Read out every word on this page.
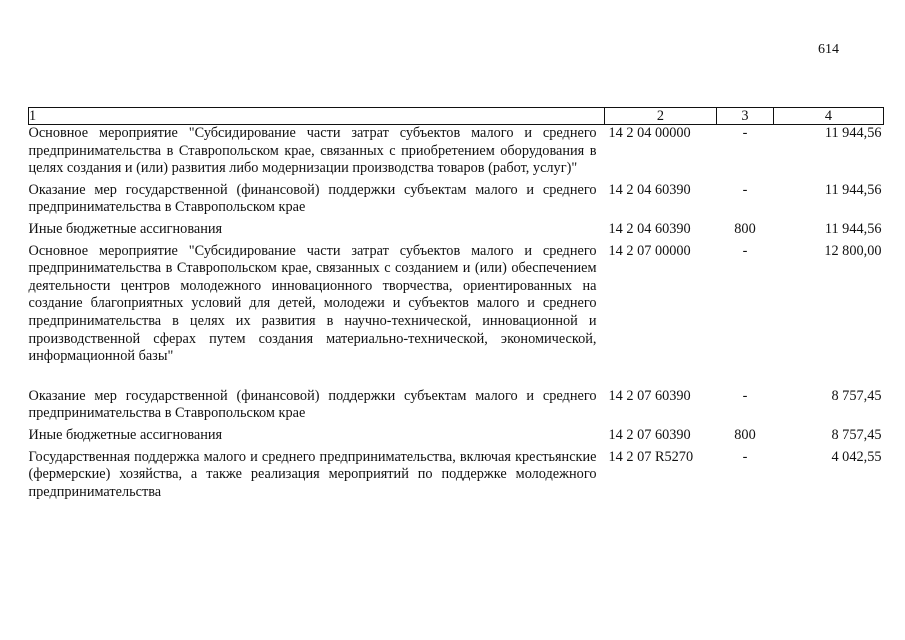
614
1	2	3	4
Основное мероприятие "Субсидирование части затрат субъектов малого и среднего предпринимательства в Ставропольском крае, связанных с приобретением оборудования в целях создания и (или) развития либо модернизации производства товаров (работ, услуг)"	14 2 04 00000	-	11 944,56
Оказание мер государственной (финансовой) поддержки субъектам малого и среднего предпринимательства в Ставропольском крае	14 2 04 60390	-	11 944,56
Иные бюджетные ассигнования	14 2 04 60390	800	11 944,56
Основное мероприятие "Субсидирование части затрат субъектов малого и среднего предпринимательства в Ставропольском крае, связанных с созданием и (или) обеспечением деятельности центров молодежного инновационного творчества, ориентированных на создание благоприятных условий для детей, молодежи и субъектов малого и среднего предпринимательства в целях их развития в научно-технической, инновационной и производственной сферах путем создания материально-технической, экономической, информационной базы"	14 2 07 00000	-	12 800,00
Оказание мер государственной (финансовой) поддержки субъектам малого и среднего предпринимательства в Ставропольском крае	14 2 07 60390	-	8 757,45
Иные бюджетные ассигнования	14 2 07 60390	800	8 757,45
Государственная поддержка малого и среднего предпринимательства, включая крестьянские (фермерские) хозяйства, а также реализация мероприятий по поддержке молодежного предпринимательства	14 2 07 R5270	-	4 042,55
